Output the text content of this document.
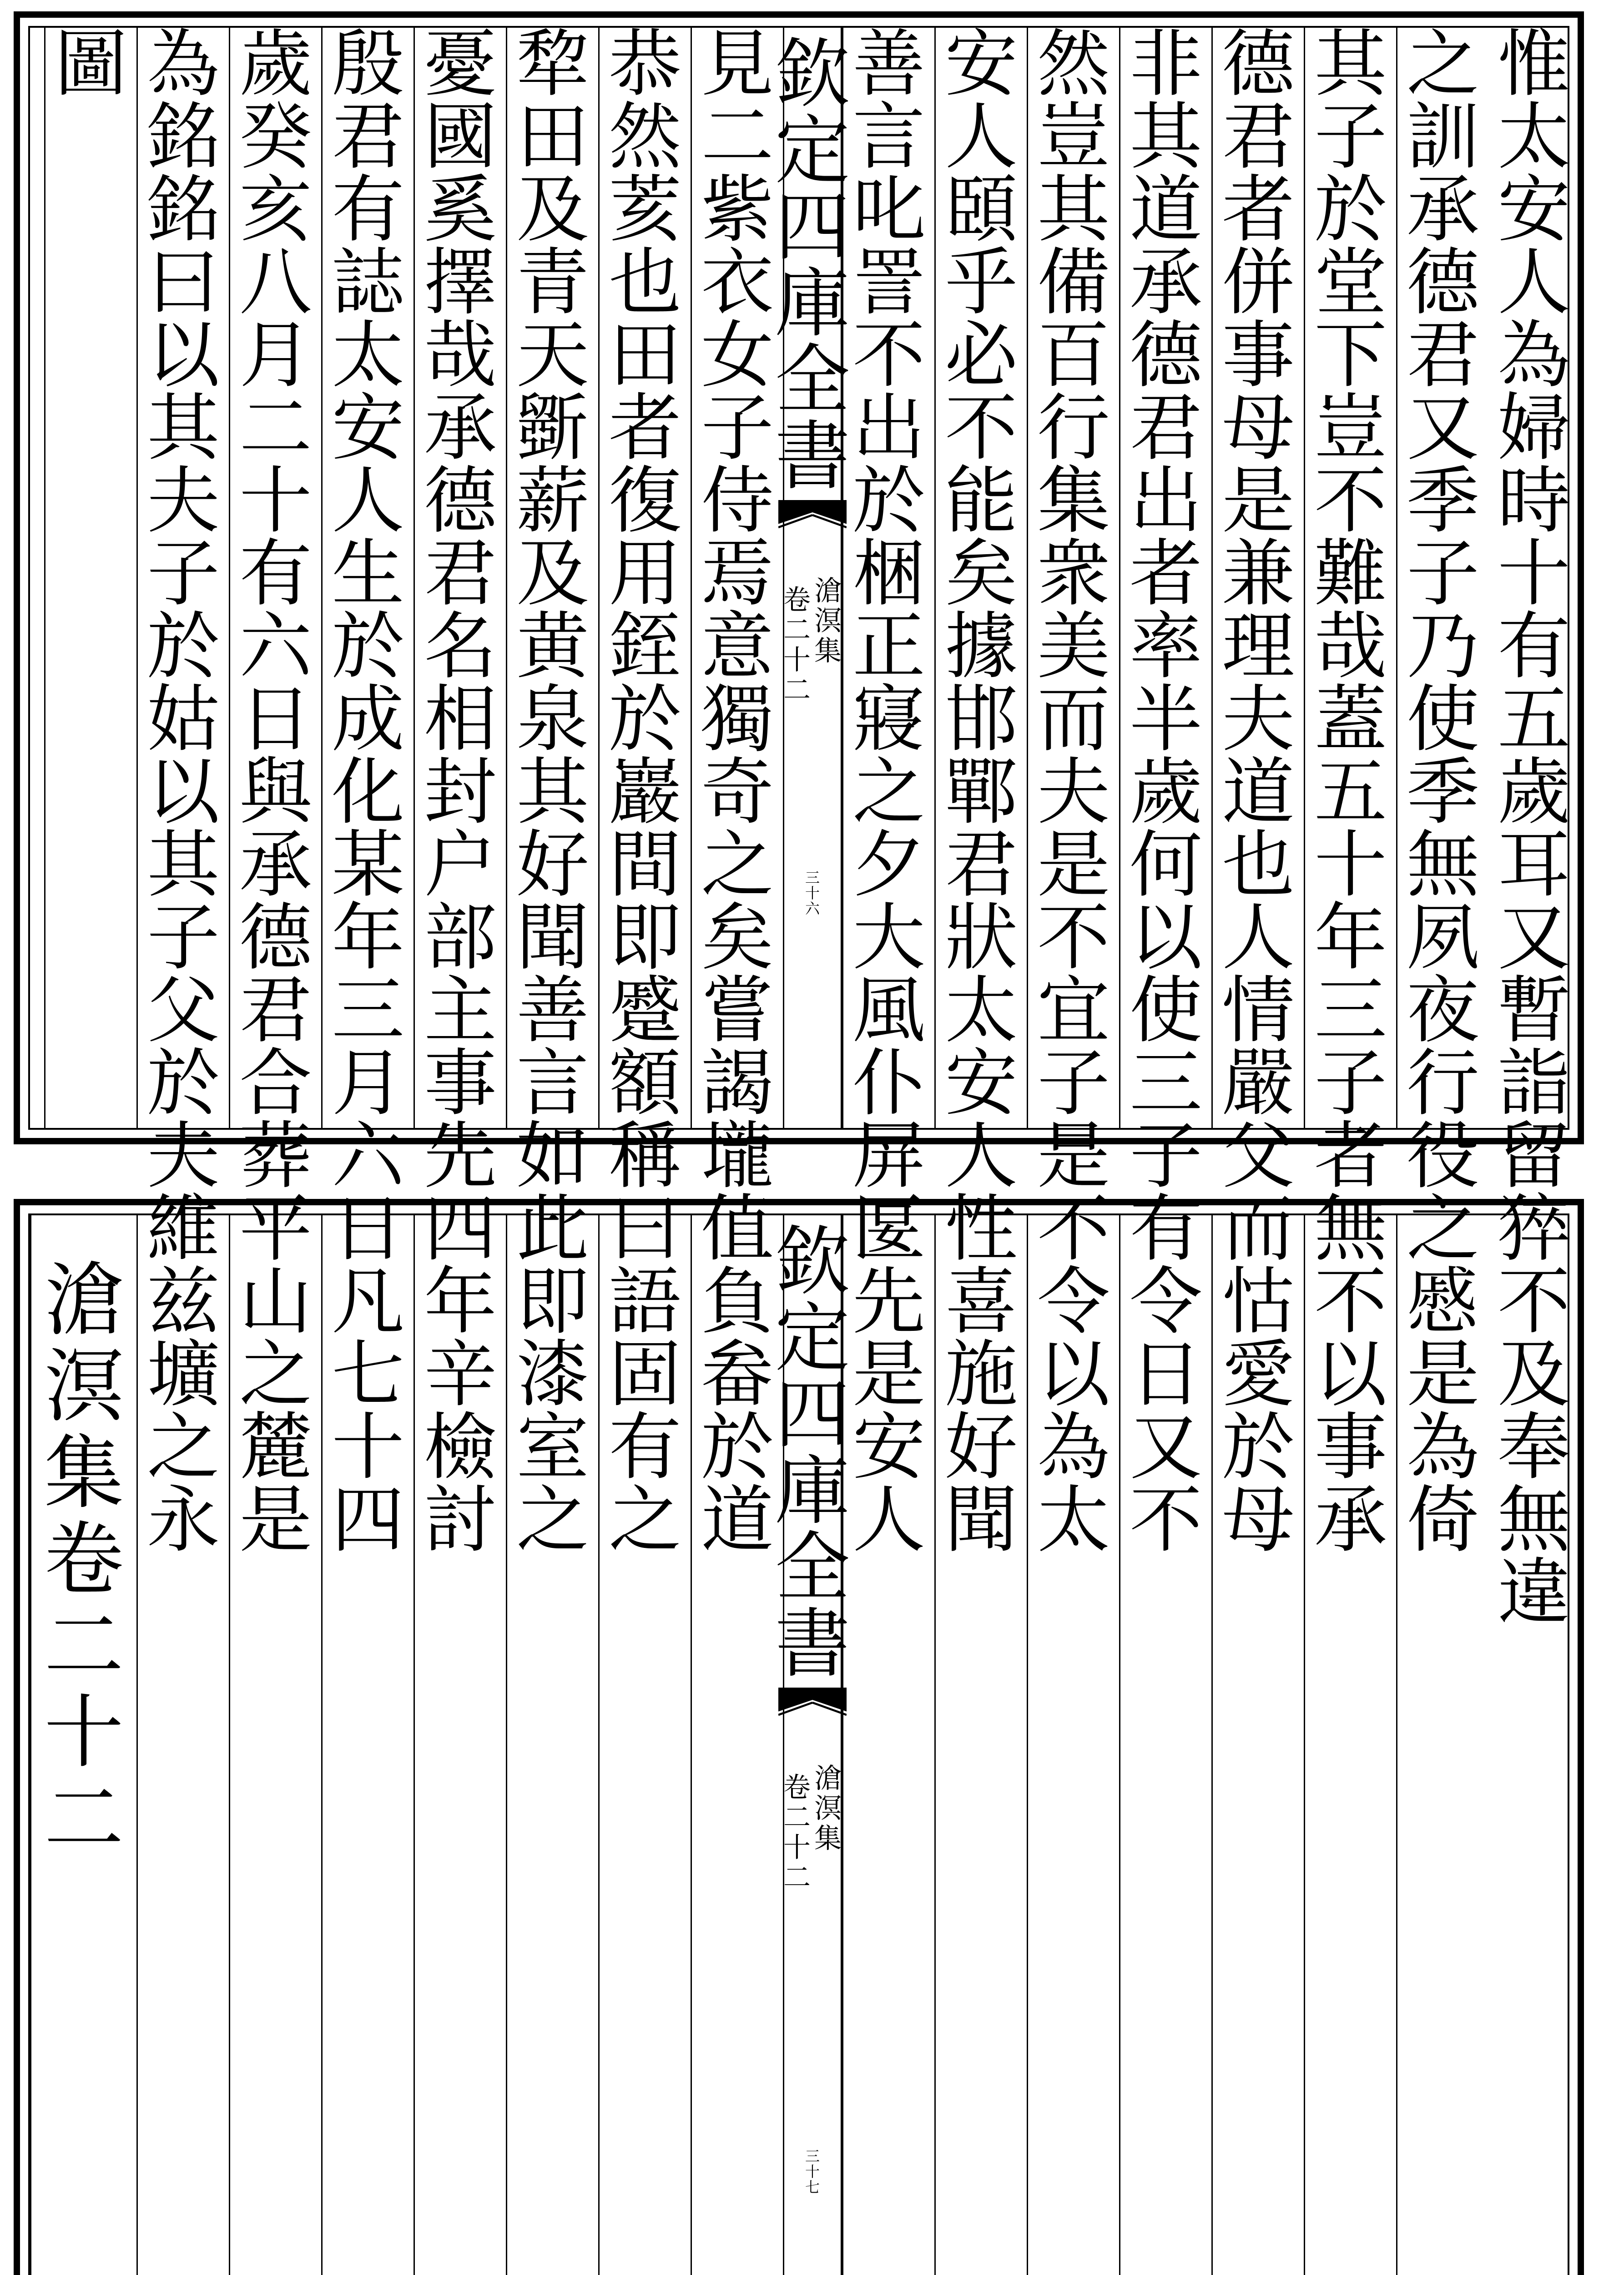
惟
太
安
人
為
婦
時
十
有
五
歲
耳
又
暫
詣
留
猝
不
及
奉
無
違
之
訓
承
德
君
又
季
子
乃
使
季
無
夙
夜
行
役
之
慼
是
為
倚
其
子
於
堂
下
豈
不
難
哉
蓋
五
十
年
三
子
者
無
不
以
事
承
德
君
者
併
事
母
是
兼
理
夫
道
也
人
情
嚴
父
而
怙
愛
於
母
非
其
道
承
德
君
出
者
率
半
歲
何
以
使
三
子
有
令
日
又
不
然
豈
其
備
百
行
集
衆
美
而
夫
是
不
宜
子
是
不
令
以
為
太
安
人
頣
乎
必
不
能
矣
據
邯
鄲
君
狀
太
安
人
性
喜
施
好
聞
善
言
叱
詈
不
出
於
梱
正
寢
之
夕
大
風
仆
屏
匽
先
是
安
人
欽
定
四
庫
全
書
滄
溟
集
卷
二
十
二
三
十
六
見
二
紫
衣
女
子
侍
焉
意
獨
奇
之
矣
嘗
謁
壠
值
負
畚
於
道
恭
然
荄
也
田
者
復
用
銍
於
巖
間
即
蹙
額
稱
曰
語
固
有
之
犂
田
及
青
天
斵
薪
及
黄
泉
其
好
聞
善
言
如
此
即
漆
室
之
憂
國
奚
擇
哉
承
德
君
名
相
封
户
部
主
事
先
四
年
辛
檢
討
殷
君
有
誌
太
安
人
生
於
成
化
某
年
三
月
六
日
凡
七
十
四
歲
癸
亥
八
月
二
十
有
六
日
與
承
德
君
合
葬
平
山
之
麓
是
為
銘
銘
曰
以
其
夫
子
於
姑
以
其
子
父
於
夫
維
兹
壙
之
永
圖
欽
定
四
庫
全
書
滄
溟
集
卷
二
十
二
三
十
七
滄
溟
集
卷
二
十
二
